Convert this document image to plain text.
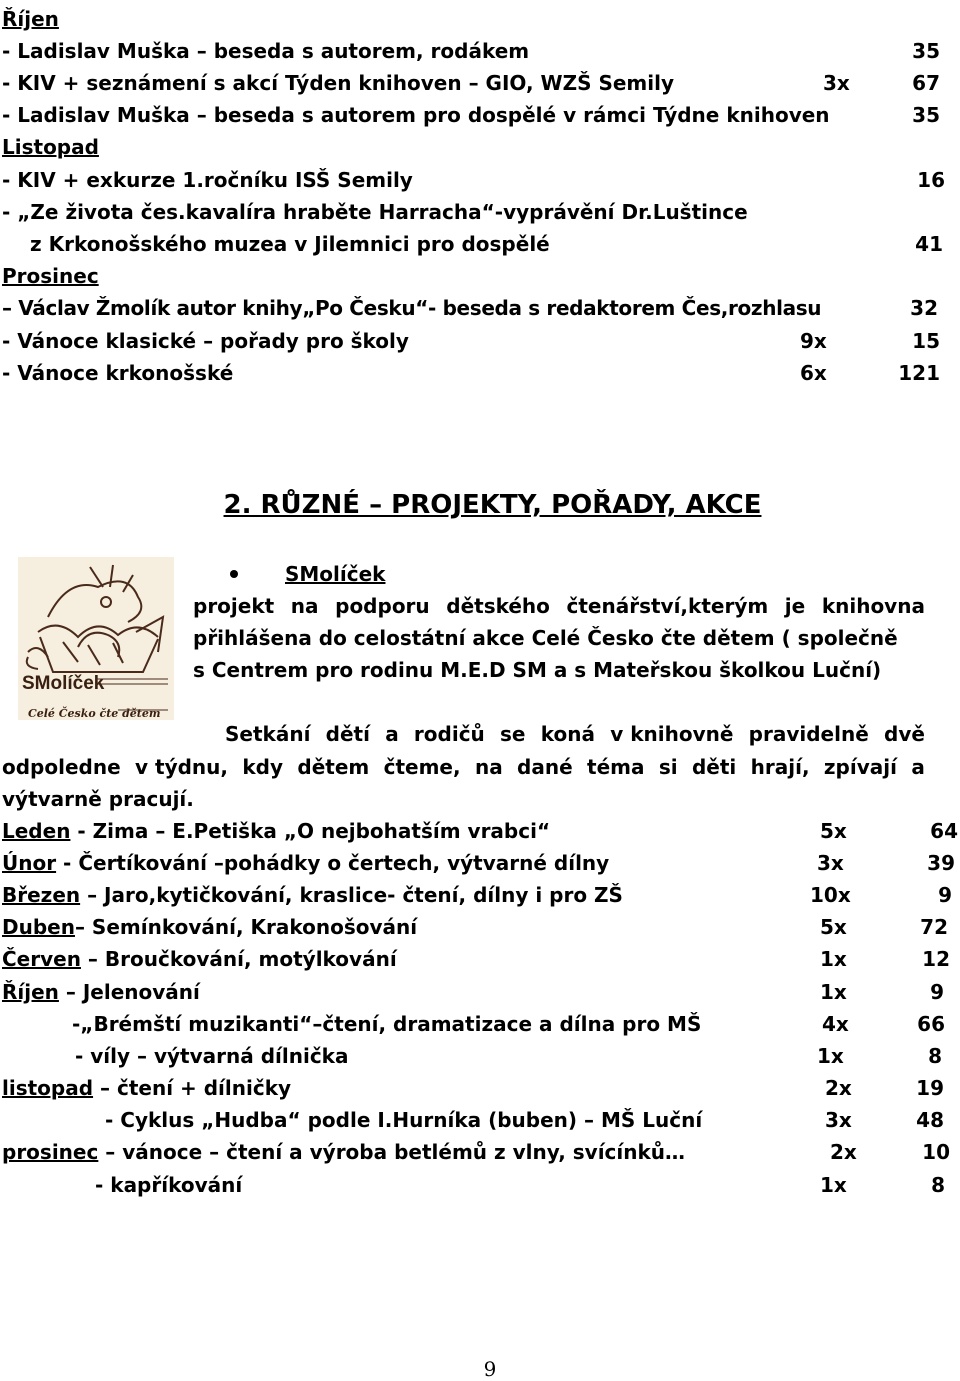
Říjen
- Ladislav Muška – beseda s autorem, rodákem	35
- KIV + seznámení s akcí Týden knihoven – GIO, WZŠ Semily	3x	67
- Ladislav Muška – beseda s autorem pro dospělé v rámci Týdne knihoven	35
Listopad
- KIV + exkurze 1.ročníku ISŠ Semily	16
- „Ze života čes.kavalíra hraběte Harracha“-vyprávění Dr.Luštince
z Krkonošského muzea v Jilemnici pro dospělé	41
Prosinec
– Václav Žmolík autor knihy„Po Česku“- beseda s redaktorem Čes,rozhlasu	32
- Vánoce klasické – pořady pro školy	9x	15
- Vánoce krkonošské	6x	121
2. RŮZNÉ – PROJEKTY, POŘADY, AKCE
SMolíček
Celé Česko čte dětem
SMolíček
projekt na podporu dětského čtenářství,kterým je knihovna
přihlášena do celostátní akce Celé Česko čte dětem ( společně
s Centrem pro rodinu M.E.D SM a s Mateřskou školkou Luční)
Setkání dětí a rodičů se koná v knihovně pravidelně dvě
odpoledne v týdnu, kdy dětem čteme, na dané téma si děti hrají, zpívají a
výtvarně pracují.
Leden - Zima – E.Petiška „O nejbohatším vrabci“	5x	64
Únor - Čertíkování –pohádky o čertech, výtvarné dílny	3x	39
Březen – Jaro,kytičkování, kraslice- čtení, dílny i pro ZŠ	10x	9
Duben– Semínkování, Krakonošování	5x	72
Červen – Broučkování, motýlkování	1x	12
Říjen – Jelenování	1x	9
-„Brémští muzikanti“–čtení, dramatizace a dílna pro MŠ	4x	66
- víly – výtvarná dílnička	1x	8
listopad – čtení + dílničky	2x	19
- Cyklus „Hudba“ podle I.Hurníka (buben) – MŠ Luční	3x	48
prosinec – vánoce – čtení a výroba betlémů z vlny, svícínků…	2x	10
- kapříkování	1x	8
9
